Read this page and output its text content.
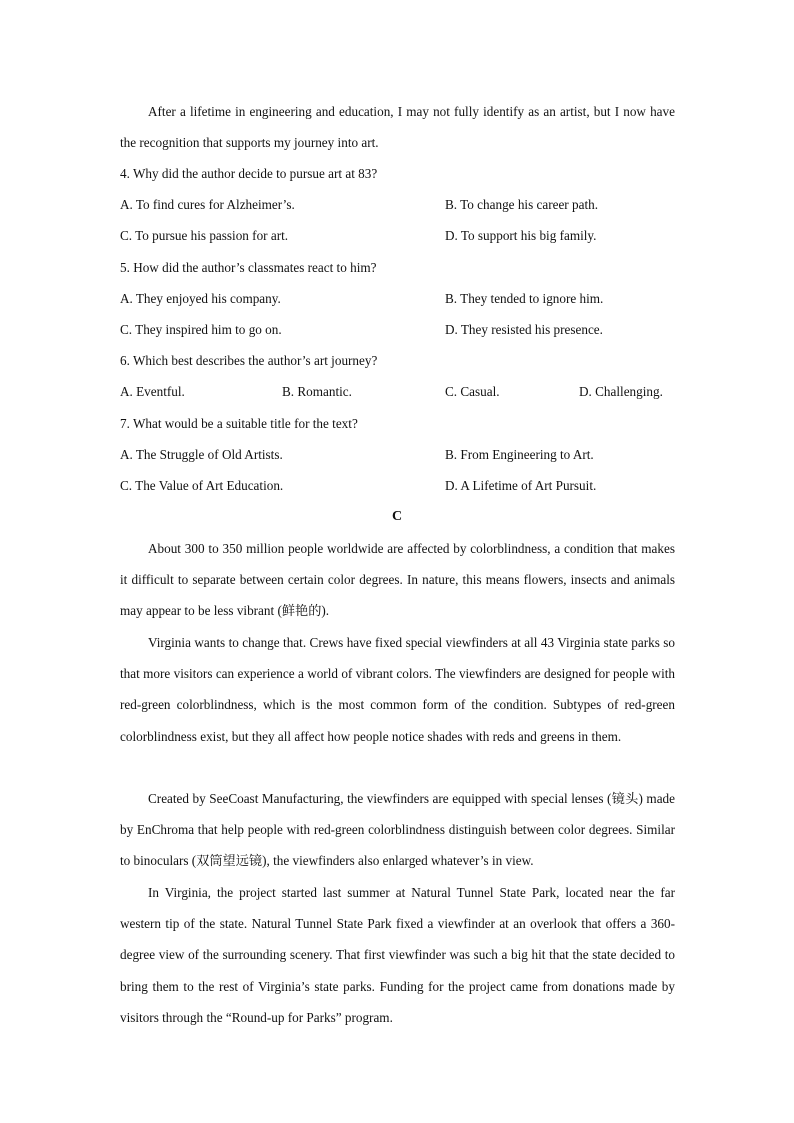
After a lifetime in engineering and education, I may not fully identify as an artist, but I now have the recognition that supports my journey into art.

4. Why did the author decide to pursue art at 83?
A. To find cures for Alzheimer’s.	B. To change his career path.
C. To pursue his passion for art.	D. To support his big family.
5. How did the author’s classmates react to him?
A. They enjoyed his company.	B. They tended to ignore him.
C. They inspired him to go on.	D. They resisted his presence.
6. Which best describes the author’s art journey?
A. Eventful.	B. Romantic.	C. Casual.	D. Challenging.
7. What would be a suitable title for the text?
A. The Struggle of Old Artists.	B. From Engineering to Art.
C. The Value of Art Education.	D. A Lifetime of Art Pursuit.
C

About 300 to 350 million people worldwide are affected by colorblindness, a condition that makes it difficult to separate between certain color degrees. In nature, this means flowers, insects and animals may appear to be less vibrant (鲜艳的).

Virginia wants to change that. Crews have fixed special viewfinders at all 43 Virginia state parks so that more visitors can experience a world of vibrant colors. The viewfinders are designed for people with red-green colorblindness, which is the most common form of the condition. Subtypes of red-green colorblindness exist, but they all affect how people notice shades with reds and greens in them.

Created by SeeCoast Manufacturing, the viewfinders are equipped with special lenses (镜头) made by EnChroma that help people with red-green colorblindness distinguish between color degrees. Similar to binoculars (双筒望远镜), the viewfinders also enlarged whatever’s in view.

In Virginia, the project started last summer at Natural Tunnel State Park, located near the far western tip of the state. Natural Tunnel State Park fixed a viewfinder at an overlook that offers a 360-degree view of the surrounding scenery. That first viewfinder was such a big hit that the state decided to bring them to the rest of Virginia’s state parks. Funding for the project came from donations made by visitors through the “Round-up for Parks” program.
